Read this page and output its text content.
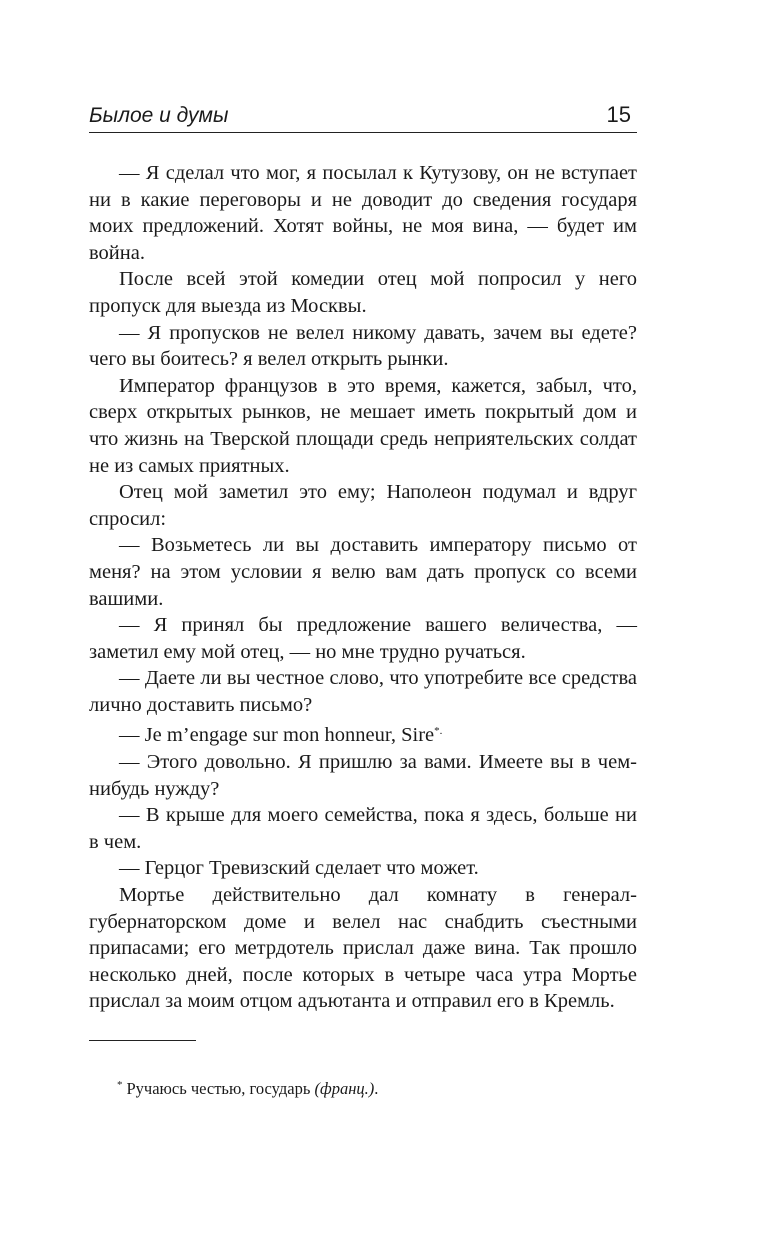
Былое и думы	15

— Я сделал что мог, я посылал к Кутузову, он не вступает ни в какие переговоры и не доводит до сведения государя моих предложений. Хотят войны, не моя вина, — будет им война.

После всей этой комедии отец мой попросил у него пропуск для выезда из Москвы.

— Я пропусков не велел никому давать, зачем вы едете? чего вы боитесь? я велел открыть рынки.

Император французов в это время, кажется, забыл, что, сверх открытых рынков, не мешает иметь покрытый дом и что жизнь на Тверской площади средь неприятельских солдат не из самых приятных.

Отец мой заметил это ему; Наполеон подумал и вдруг спросил:

— Возьметесь ли вы доставить императору письмо от меня? на этом условии я велю вам дать пропуск со всеми вашими.

— Я принял бы предложение вашего величества, — заметил ему мой отец, — но мне трудно ручаться.

— Даете ли вы честное слово, что употребите все средства лично доставить письмо?

— Je m’engage sur mon honneur, Sire*.

— Этого довольно. Я пришлю за вами. Имеете вы в чем-нибудь нужду?

— В крыше для моего семейства, пока я здесь, больше ни в чем.

— Герцог Тревизский сделает что может.

Мортье действительно дал комнату в генерал-губернаторском доме и велел нас снабдить съестными припасами; его метрдотель прислал даже вина. Так прошло несколько дней, после которых в четыре часа утра Мортье прислал за моим отцом адъютанта и отправил его в Кремль.

* Ручаюсь честью, государь (франц.).
